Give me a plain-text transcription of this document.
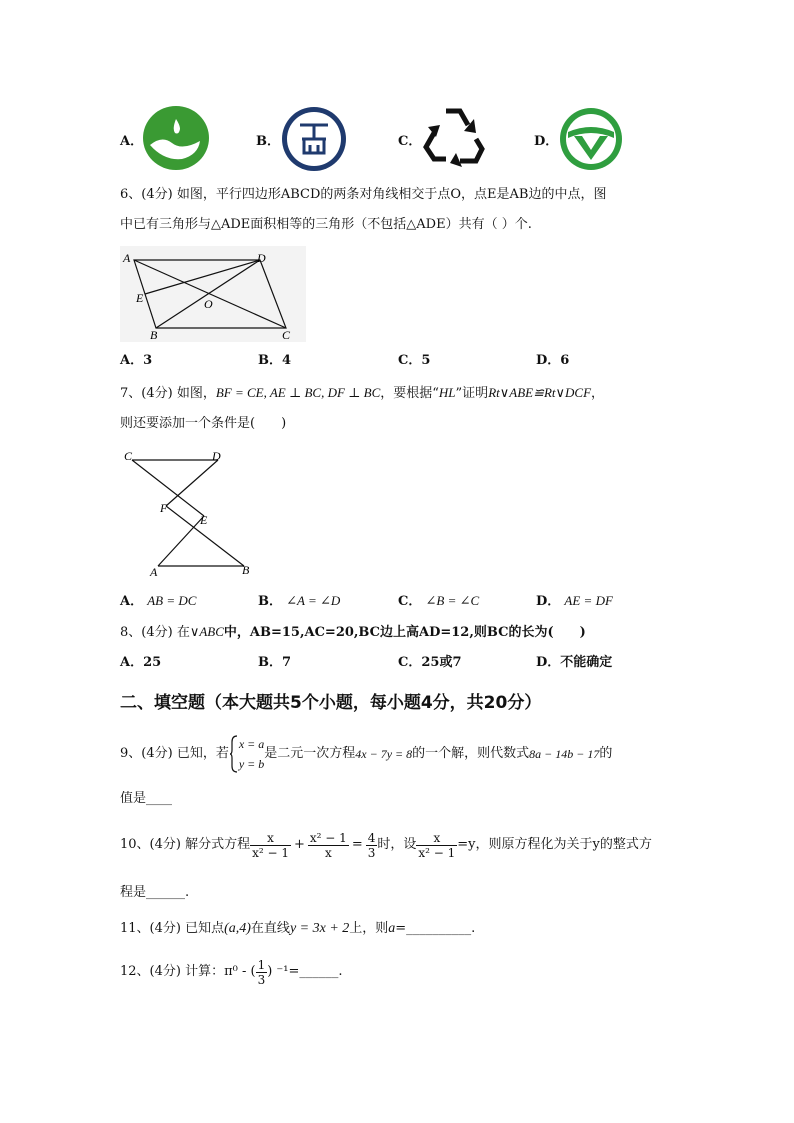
A．	B．	C．	D．
6、(4分) 如图，平行四边形ABCD的两条对角线相交于点O，点E是AB边的中点，图
中已有三角形与△ADE面积相等的三角形（不包括△ADE）共有（ ）个.
A	D
E	O
B	C
A．3	B．4	C．5	D．6
7、(4分) 如图，BF = CE, AE ⊥ BC, DF ⊥ BC，要根据“HL”证明Rt∨ABE≌Rt∨DCF，
则还要添加一个条件是(　　)
C	D
F
E
A	B
A． AB = DC	B． ∠A = ∠D	C． ∠B = ∠C	D． AE = DF
8、(4分) 在∨ABC中，AB=15,AC=20,BC边上高AD=12,则BC的长为(　　)
A．25	B．7	C．25或7	D．不能确定
二、填空题（本大题共5个小题，每小题4分，共20分）
9、(4分) 已知，若
x = a
y = b
是二元一次方程 4x − 7y = 8 的一个解，则代数式 8a − 14b − 17 的
值是____
10、(4分) 解分式方程 $\frac{x}{\text{x² − 1}} + \frac{\text{x² − 1}}{x} = \frac{4}{3}$ 时，设 $\frac{x}{\text{x² − 1}} =y$，则原方程化为关于y的整式方
程是______.
11、(4分) 已知点(a,4)在直线y = 3x + 2上，则a=__________.
12、(4分) 计算：π⁰ - ( $\frac{1}{3}$ ) ⁻¹=______.
